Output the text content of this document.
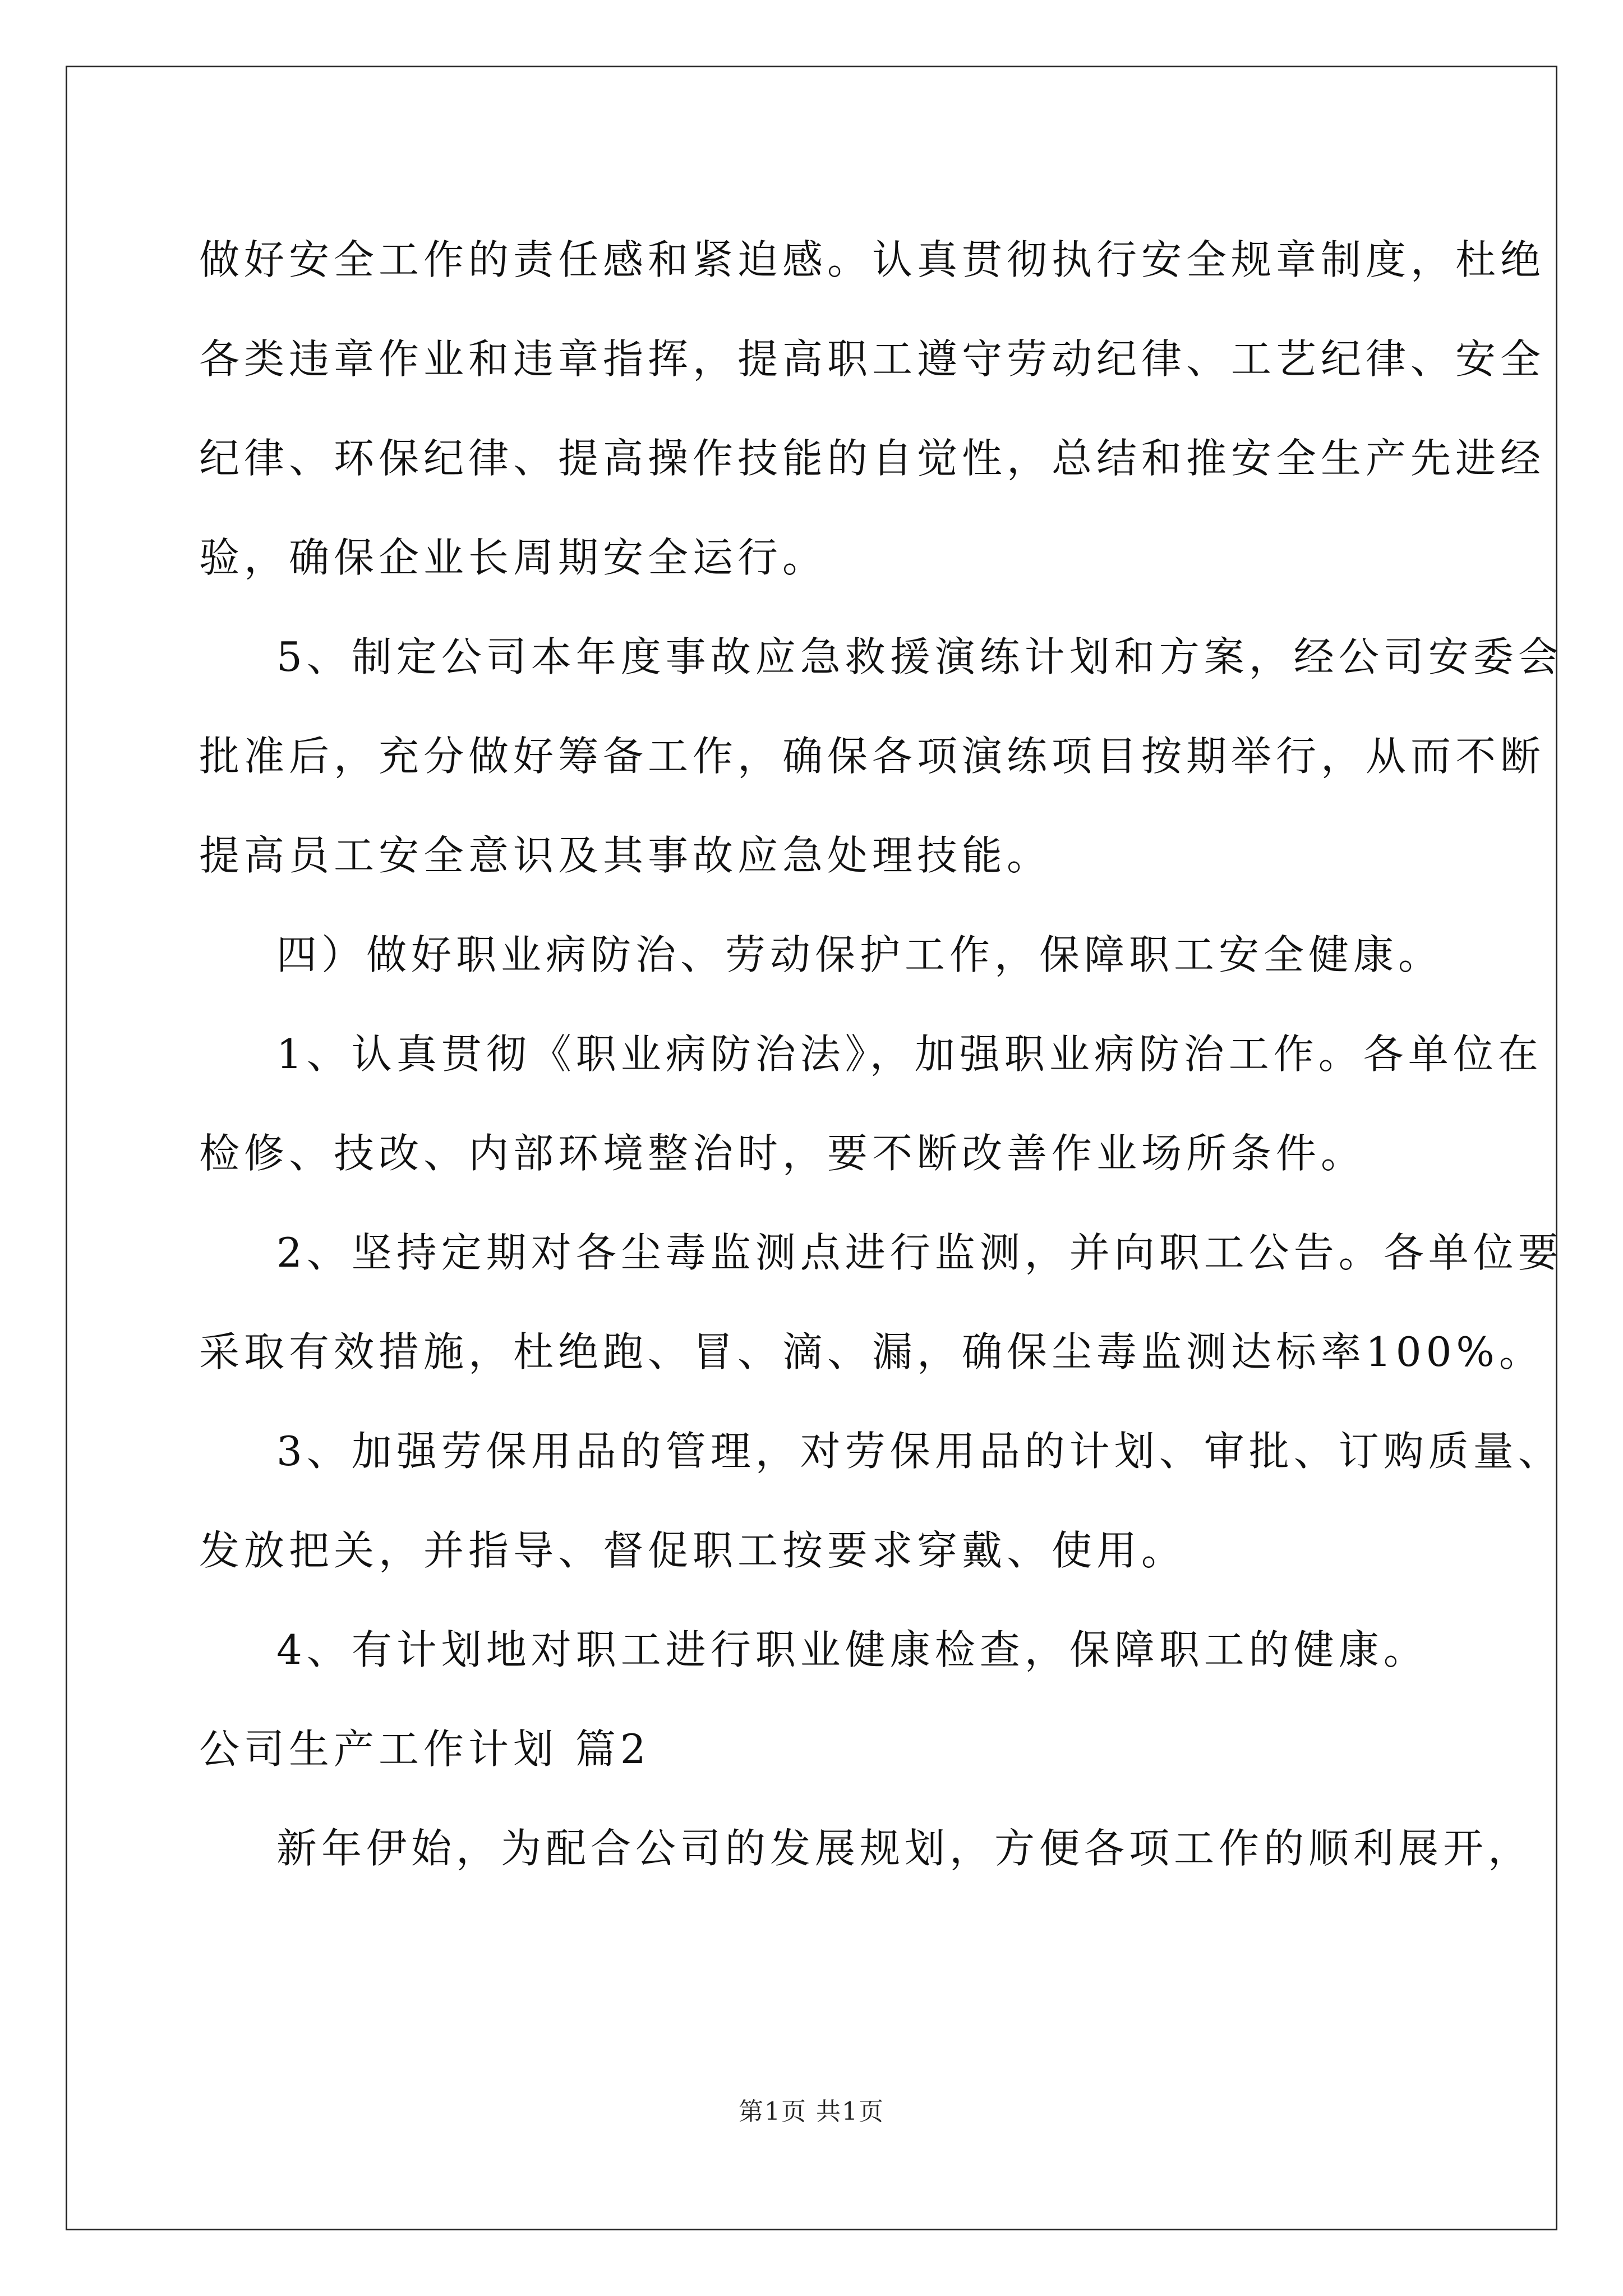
做好安全工作的责任感和紧迫感。认真贯彻执行安全规章制度，杜绝

各类违章作业和违章指挥，提高职工遵守劳动纪律、工艺纪律、安全

纪律、环保纪律、提高操作技能的自觉性，总结和推安全生产先进经

验，确保企业长周期安全运行。

5、制定公司本年度事故应急救援演练计划和方案，经公司安委会

批准后，充分做好筹备工作，确保各项演练项目按期举行，从而不断

提高员工安全意识及其事故应急处理技能。

四）做好职业病防治、劳动保护工作，保障职工安全健康。

1、认真贯彻《职业病防治法》，加强职业病防治工作。各单位在

检修、技改、内部环境整治时，要不断改善作业场所条件。

2、坚持定期对各尘毒监测点进行监测，并向职工公告。各单位要

采取有效措施，杜绝跑、冒、滴、漏，确保尘毒监测达标率100%。

3、加强劳保用品的管理，对劳保用品的计划、审批、订购质量、

发放把关，并指导、督促职工按要求穿戴、使用。

4、有计划地对职工进行职业健康检查，保障职工的健康。

公司生产工作计划 篇2

新年伊始，为配合公司的发展规划，方便各项工作的顺利展开，

第1页 共1页
